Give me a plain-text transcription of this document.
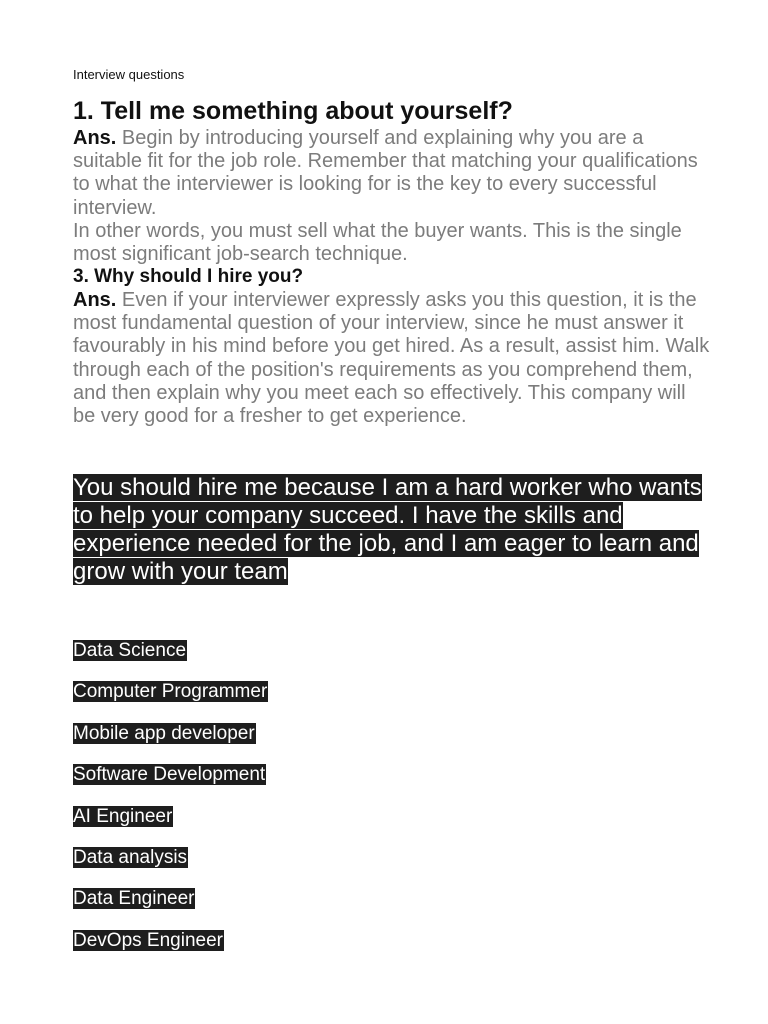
Interview questions
1. Tell me something about yourself?
Ans. Begin by introducing yourself and explaining why you are a suitable fit for the job role. Remember that matching your qualifications to what the interviewer is looking for is the key to every successful interview.
In other words, you must sell what the buyer wants. This is the single most significant job-search technique.
3. Why should I hire you?
Ans. Even if your interviewer expressly asks you this question, it is the most fundamental question of your interview, since he must answer it favourably in his mind before you get hired. As a result, assist him. Walk through each of the position's requirements as you comprehend them, and then explain why you meet each so effectively. This company will be very good for a fresher to get experience.

You should hire me because I am a hard worker who wants to help your company succeed. I have the skills and experience needed for the job, and I am eager to learn and grow with your team

Data Science
Computer Programmer
Mobile app developer
Software Development
AI Engineer
Data analysis
Data Engineer
DevOps Engineer
